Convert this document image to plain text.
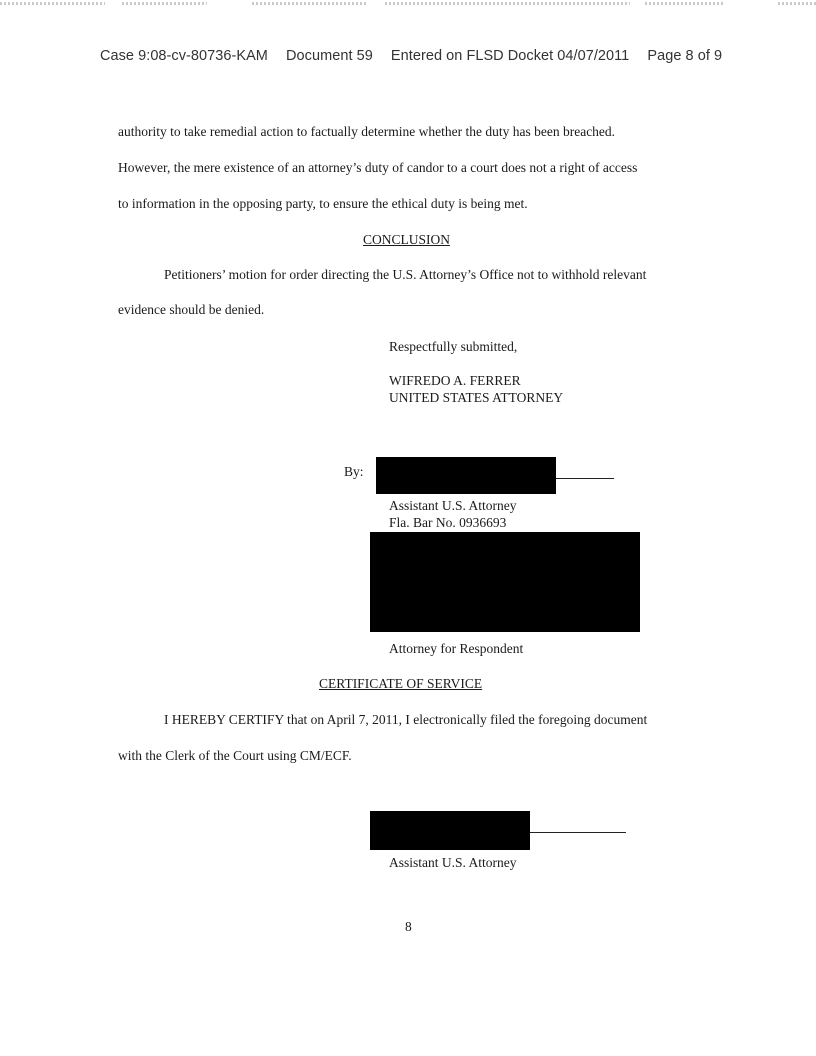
Case 9:08-cv-80736-KAM Document 59 Entered on FLSD Docket 04/07/2011 Page 8 of 9
authority to take remedial action to factually determine whether the duty has been breached.
However, the mere existence of an attorney’s duty of candor to a court does not a right of access
to information in the opposing party, to ensure the ethical duty is being met.
CONCLUSION
Petitioners’ motion for order directing the U.S. Attorney’s Office not to withhold relevant
evidence should be denied.
Respectfully submitted,
WIFREDO A. FERRER
UNITED STATES ATTORNEY
By:
Assistant U.S. Attorney
Fla. Bar No. 0936693
Attorney for Respondent
CERTIFICATE OF SERVICE
I HEREBY CERTIFY that on April 7, 2011, I electronically filed the foregoing document
with the Clerk of the Court using CM/ECF.
Assistant U.S. Attorney
8
